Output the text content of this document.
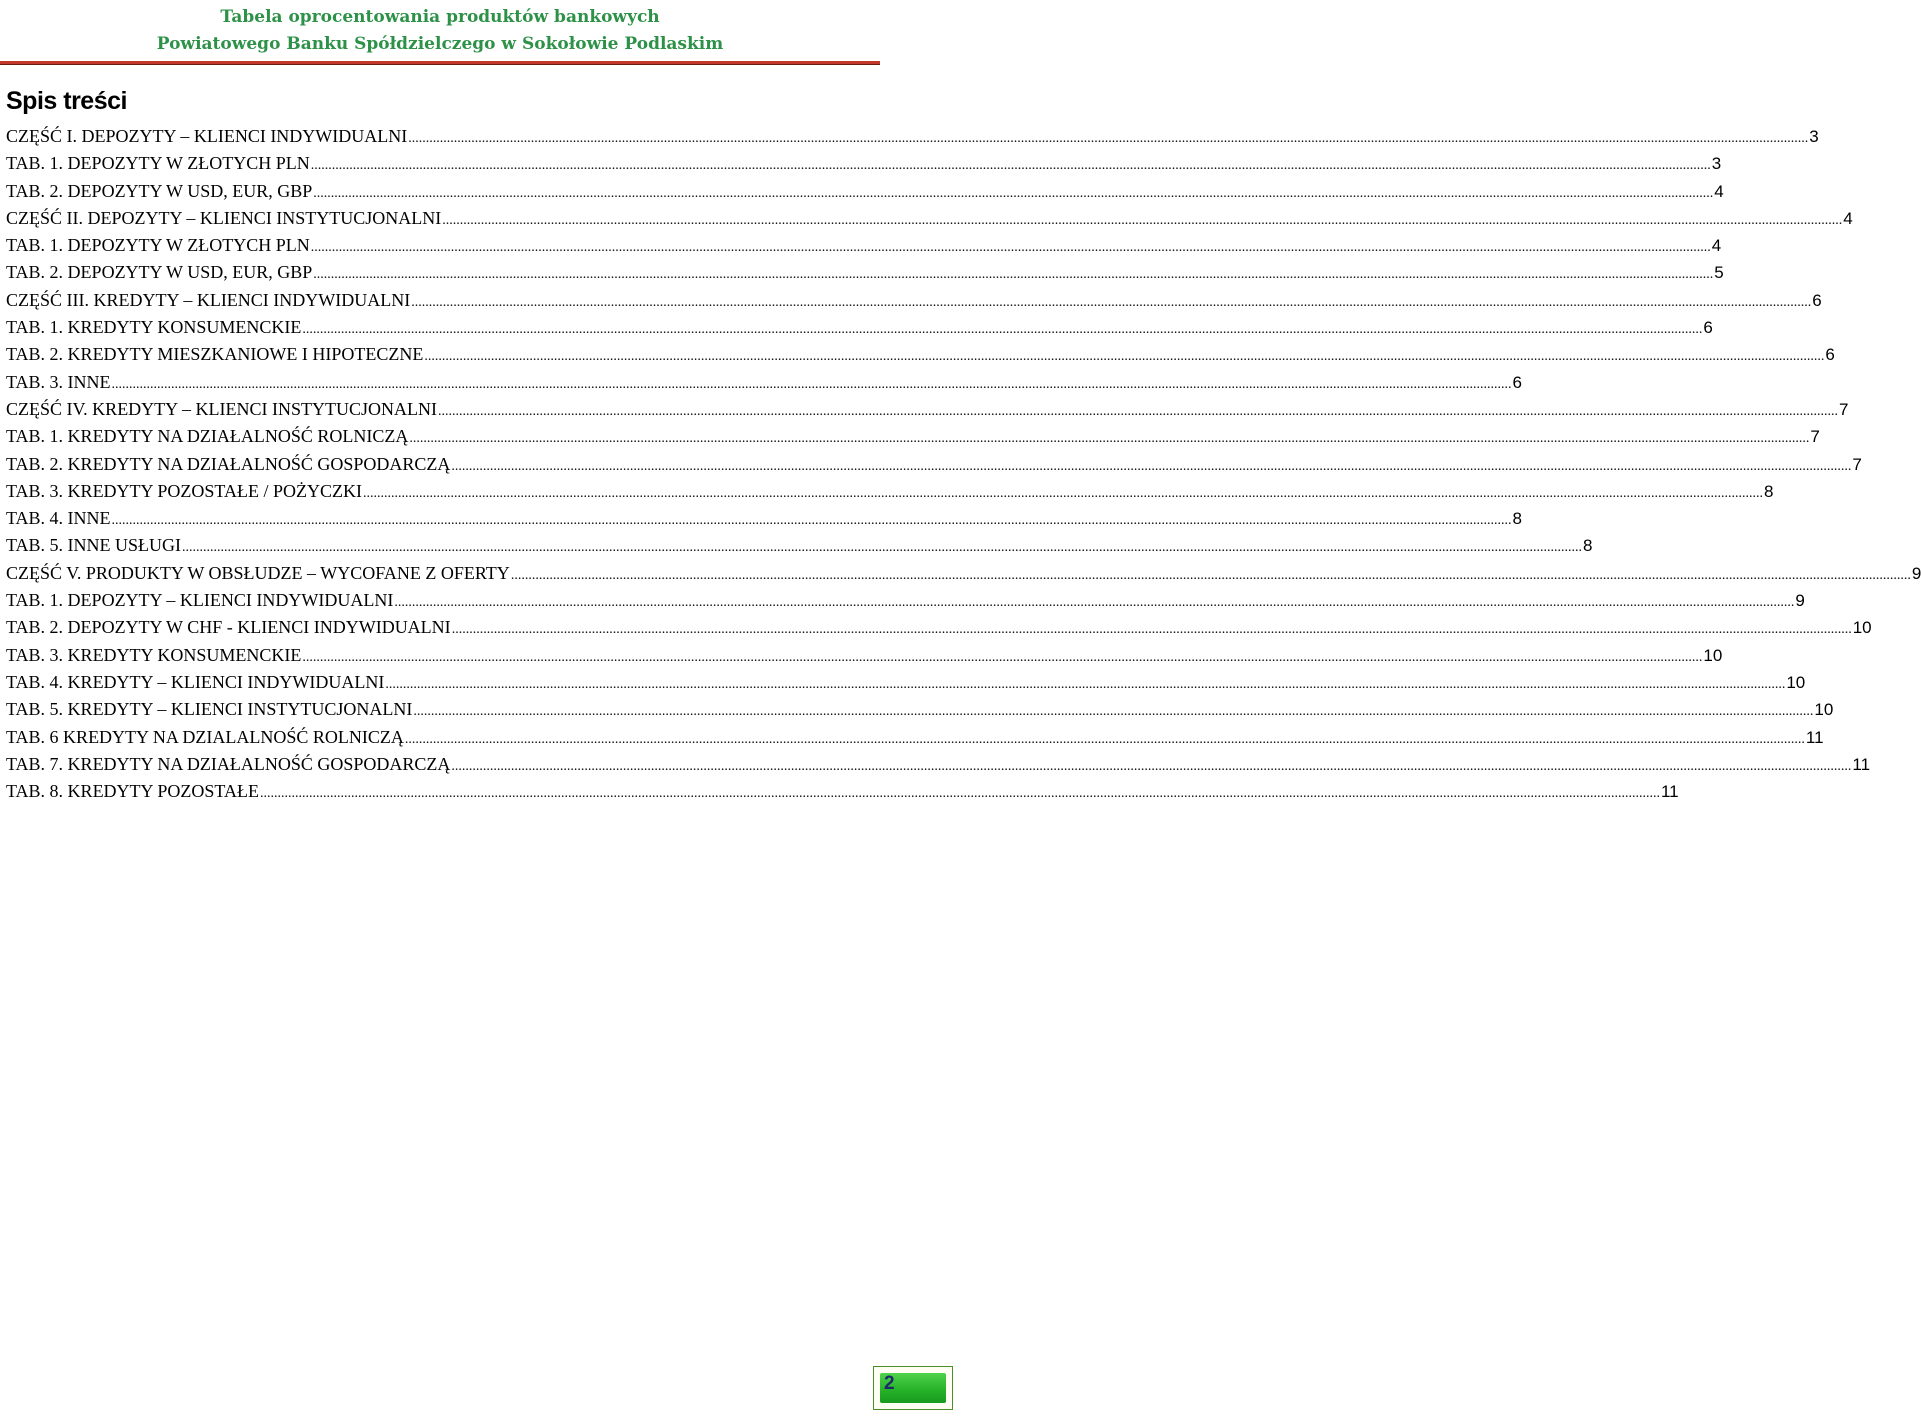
Tabela oprocentowania produktów bankowych
Powiatowego Banku Spółdzielczego w Sokołowie Podlaskim
Spis treści
CZĘŚĆ I. DEPOZYTY – KLIENCI INDYWIDUALNI ................................................................................................................................................................................................................................................................................................................................................................................................................ 3
TAB. 1. DEPOZYTY W ZŁOTYCH PLN ................................................................................................................................................................................................................................................................................................................................................................................................................ 3
TAB. 2. DEPOZYTY W USD, EUR, GBP ................................................................................................................................................................................................................................................................................................................................................................................................................ 4
CZĘŚĆ II. DEPOZYTY – KLIENCI INSTYTUCJONALNI ................................................................................................................................................................................................................................................................................................................................................................................................................ 4
TAB. 1. DEPOZYTY W ZŁOTYCH PLN ................................................................................................................................................................................................................................................................................................................................................................................................................ 4
TAB. 2. DEPOZYTY W USD, EUR, GBP ................................................................................................................................................................................................................................................................................................................................................................................................................ 5
CZĘŚĆ III. KREDYTY – KLIENCI INDYWIDUALNI ................................................................................................................................................................................................................................................................................................................................................................................................................ 6
TAB. 1. KREDYTY KONSUMENCKIE ................................................................................................................................................................................................................................................................................................................................................................................................................ 6
TAB. 2. KREDYTY MIESZKANIOWE I HIPOTECZNE ................................................................................................................................................................................................................................................................................................................................................................................................................ 6
TAB. 3. INNE ................................................................................................................................................................................................................................................................................................................................................................................................................ 6
CZĘŚĆ IV. KREDYTY – KLIENCI INSTYTUCJONALNI ................................................................................................................................................................................................................................................................................................................................................................................................................ 7
TAB. 1. KREDYTY NA DZIAŁALNOŚĆ ROLNICZĄ ................................................................................................................................................................................................................................................................................................................................................................................................................ 7
TAB. 2. KREDYTY NA DZIAŁALNOŚĆ GOSPODARCZĄ ................................................................................................................................................................................................................................................................................................................................................................................................................ 7
TAB. 3. KREDYTY POZOSTAŁE / POŻYCZKI ................................................................................................................................................................................................................................................................................................................................................................................................................ 8
TAB. 4. INNE ................................................................................................................................................................................................................................................................................................................................................................................................................ 8
TAB. 5. INNE USŁUGI ................................................................................................................................................................................................................................................................................................................................................................................................................ 8
CZĘŚĆ V. PRODUKTY W OBSŁUDZE – WYCOFANE Z OFERTY ................................................................................................................................................................................................................................................................................................................................................................................................................ 9
TAB. 1. DEPOZYTY – KLIENCI INDYWIDUALNI ................................................................................................................................................................................................................................................................................................................................................................................................................ 9
TAB. 2. DEPOZYTY W CHF - KLIENCI INDYWIDUALNI ................................................................................................................................................................................................................................................................................................................................................................................................................ 10
TAB. 3. KREDYTY KONSUMENCKIE ................................................................................................................................................................................................................................................................................................................................................................................................................ 10
TAB. 4. KREDYTY – KLIENCI INDYWIDUALNI ................................................................................................................................................................................................................................................................................................................................................................................................................ 10
TAB. 5. KREDYTY – KLIENCI INSTYTUCJONALNI ................................................................................................................................................................................................................................................................................................................................................................................................................ 10
TAB. 6 KREDYTY NA DZIALALNOŚĆ ROLNICZĄ ................................................................................................................................................................................................................................................................................................................................................................................................................ 11
TAB. 7. KREDYTY NA DZIAŁALNOŚĆ GOSPODARCZĄ ................................................................................................................................................................................................................................................................................................................................................................................................................ 11
TAB. 8. KREDYTY POZOSTAŁE ................................................................................................................................................................................................................................................................................................................................................................................................................ 11
2
